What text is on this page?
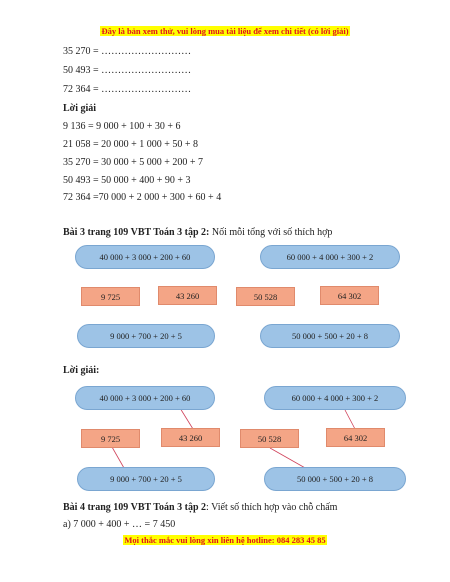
Đây là bản xem thử, vui lòng mua tài liệu để xem chi tiết (có lời giải)
35 270 = ………………………
50 493 = ………………………
72 364 = ………………………
Lời giải
9 136 = 9 000 + 100 + 30 + 6
21 058 = 20 000 + 1 000 + 50 + 8
35 270 = 30 000 + 5 000 + 200 + 7
50 493 = 50 000 + 400 + 90 + 3
72 364 =70 000 + 2 000 + 300 + 60 + 4
Bài 3 trang 109 VBT Toán 3 tập 2: Nối mỗi tổng với số thích hợp
40 000 + 3 000 + 200 + 60	60 000 + 4 000 + 300 + 2
9 725	43 260	50 528	64 302
9 000 + 700 + 20 + 5	50 000 + 500 + 20 + 8
Lời giải:
40 000 + 3 000 + 200 + 60	60 000 + 4 000 + 300 + 2
9 725	43 260	50 528	64 302
9 000 + 700 + 20 + 5	50 000 + 500 + 20 + 8
Bài 4 trang 109 VBT Toán 3 tập 2: Viết số thích hợp vào chỗ chấm
a) 7 000 + 400 + … = 7 450
Mọi thắc mắc vui lòng xin liên hệ hotline: 084 283 45 85
